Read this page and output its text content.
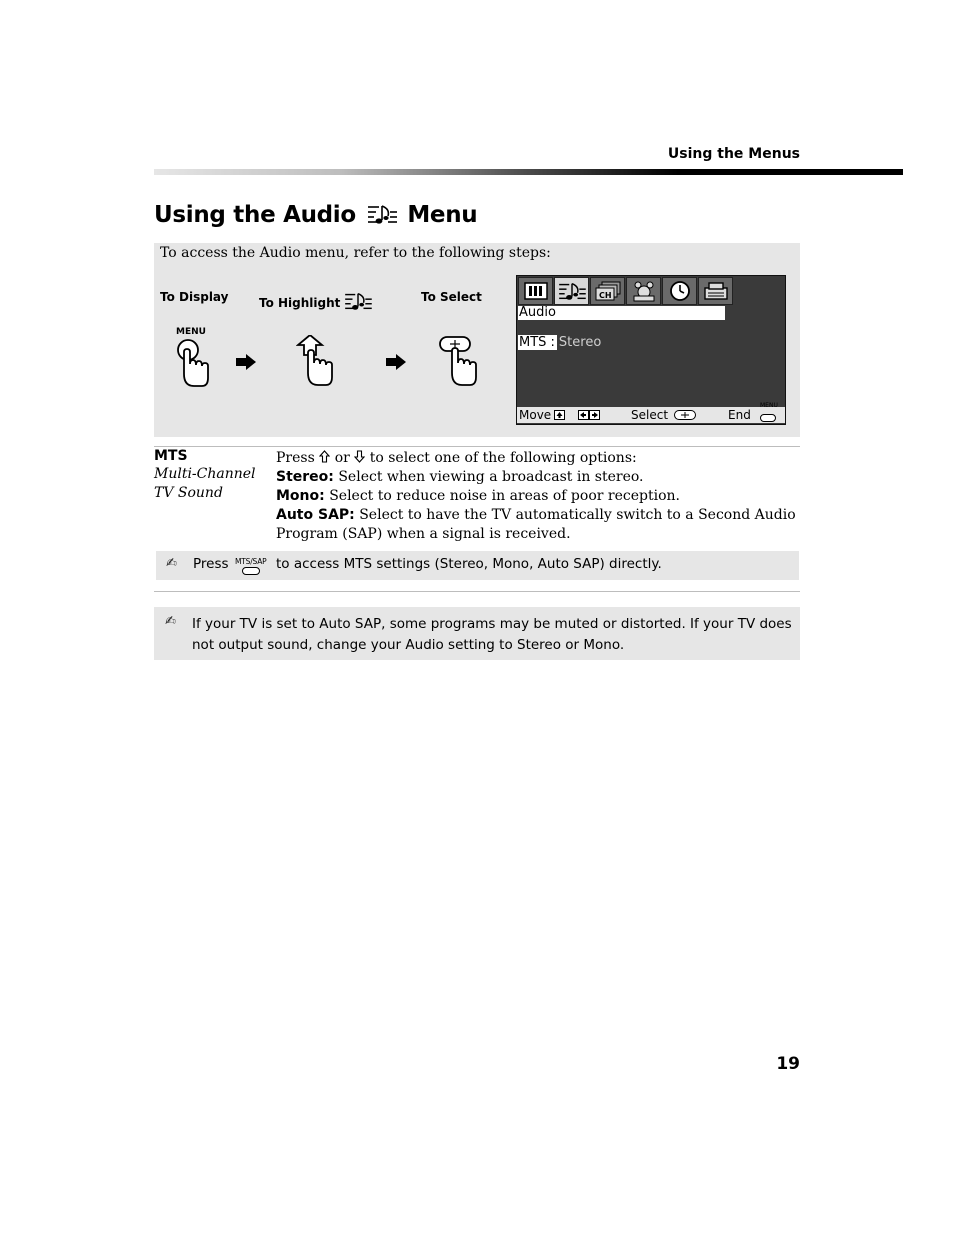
Using the Menus
Using the Audio Menu
To access the Audio menu, refer to the following steps:
To Display	To Highlight	To Select
MENU
CH
Audio
MTS : Stereo
Move	Select	End
MENU
MTS
Multi-Channel
TV Sound
Press or to select one of the following options:
Stereo: Select when viewing a broadcast in stereo.
Mono: Select to reduce noise in areas of poor reception.
Auto SAP: Select to have the TV automatically switch to a Second Audio Program (SAP) when a signal is received.
✍ Press MTS/SAP to access MTS settings (Stereo, Mono, Auto SAP) directly.
✍ If your TV is set to Auto SAP, some programs may be muted or distorted. If your TV does not output sound, change your Audio setting to Stereo or Mono.
19
